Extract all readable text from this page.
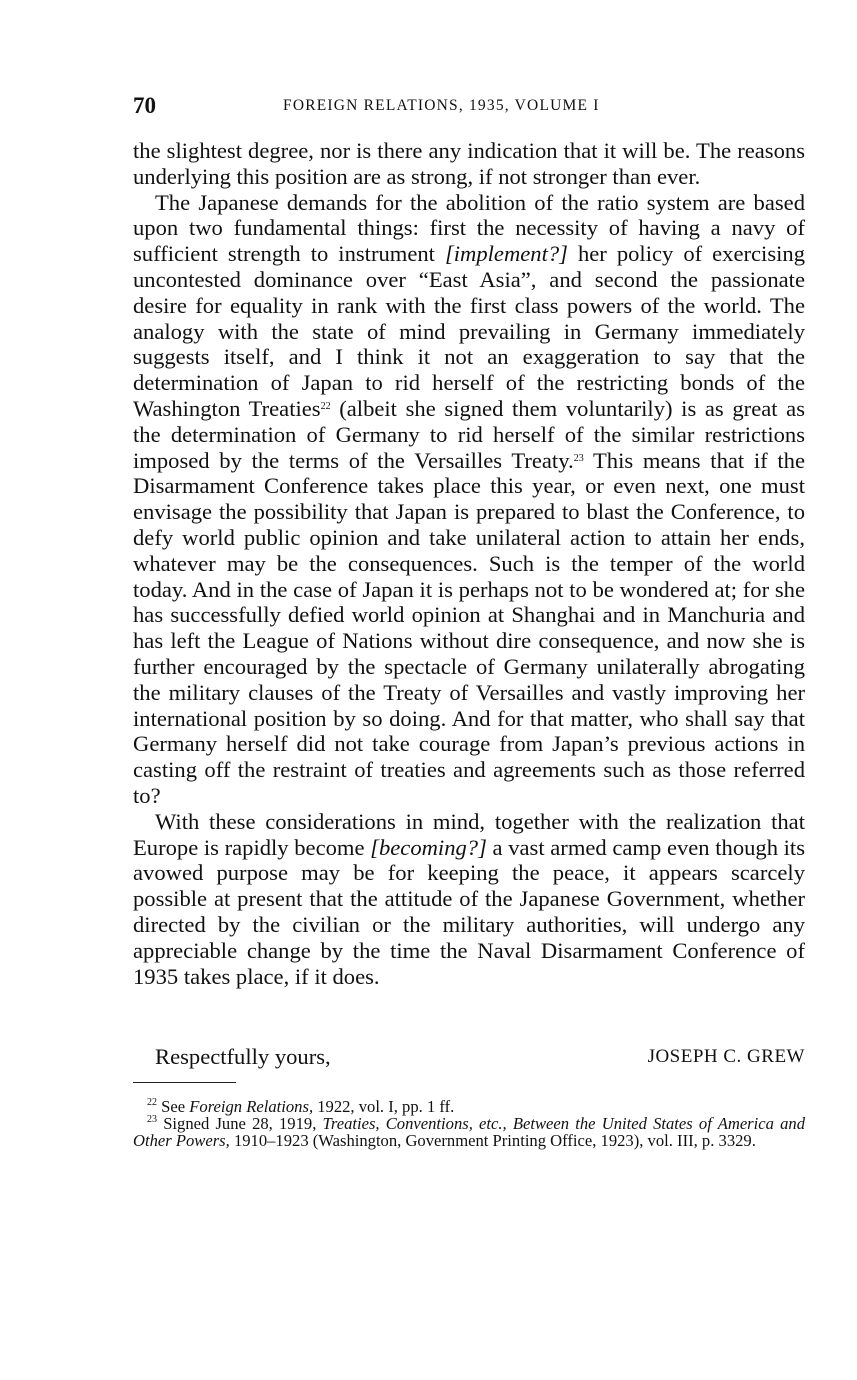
70	FOREIGN RELATIONS, 1935, VOLUME I

the slightest degree, nor is there any indication that it will be. The reasons underlying this position are as strong, if not stronger than ever.

The Japanese demands for the abolition of the ratio system are based upon two fundamental things: first the necessity of having a navy of sufficient strength to instrument [implement?] her policy of exercising uncontested dominance over “East Asia”, and second the passionate desire for equality in rank with the first class powers of the world. The analogy with the state of mind prevailing in Germany immediately suggests itself, and I think it not an exaggeration to say that the determination of Japan to rid herself of the restricting bonds of the Washington Treaties$^{22}$ (albeit she signed them voluntarily) is as great as the determination of Germany to rid herself of the similar restrictions imposed by the terms of the Versailles Treaty.$^{23}$ This means that if the Disarmament Conference takes place this year, or even next, one must envisage the possibility that Japan is prepared to blast the Conference, to defy world public opinion and take unilateral action to attain her ends, whatever may be the consequences. Such is the temper of the world today. And in the case of Japan it is perhaps not to be wondered at; for she has successfully defied world opinion at Shanghai and in Manchuria and has left the League of Nations without dire consequence, and now she is further encouraged by the spectacle of Germany unilaterally abrogating the military clauses of the Treaty of Versailles and vastly improving her international position by so doing. And for that matter, who shall say that Germany herself did not take courage from Japan’s previous actions in casting off the restraint of treaties and agreements such as those referred to?

With these considerations in mind, together with the realization that Europe is rapidly become [becoming?] a vast armed camp even though its avowed purpose may be for keeping the peace, it appears scarcely possible at present that the attitude of the Japanese Government, whether directed by the civilian or the military authorities, will undergo any appreciable change by the time the Naval Disarmament Conference of 1935 takes place, if it does.

Respectfully yours,	JOSEPH C. GREW

$^{22}$ See Foreign Relations, 1922, vol. I, pp. 1 ff.

$^{23}$ Signed June 28, 1919, Treaties, Conventions, etc., Between the United States of America and Other Powers, 1910–1923 (Washington, Government Printing Office, 1923), vol. III, p. 3329.
